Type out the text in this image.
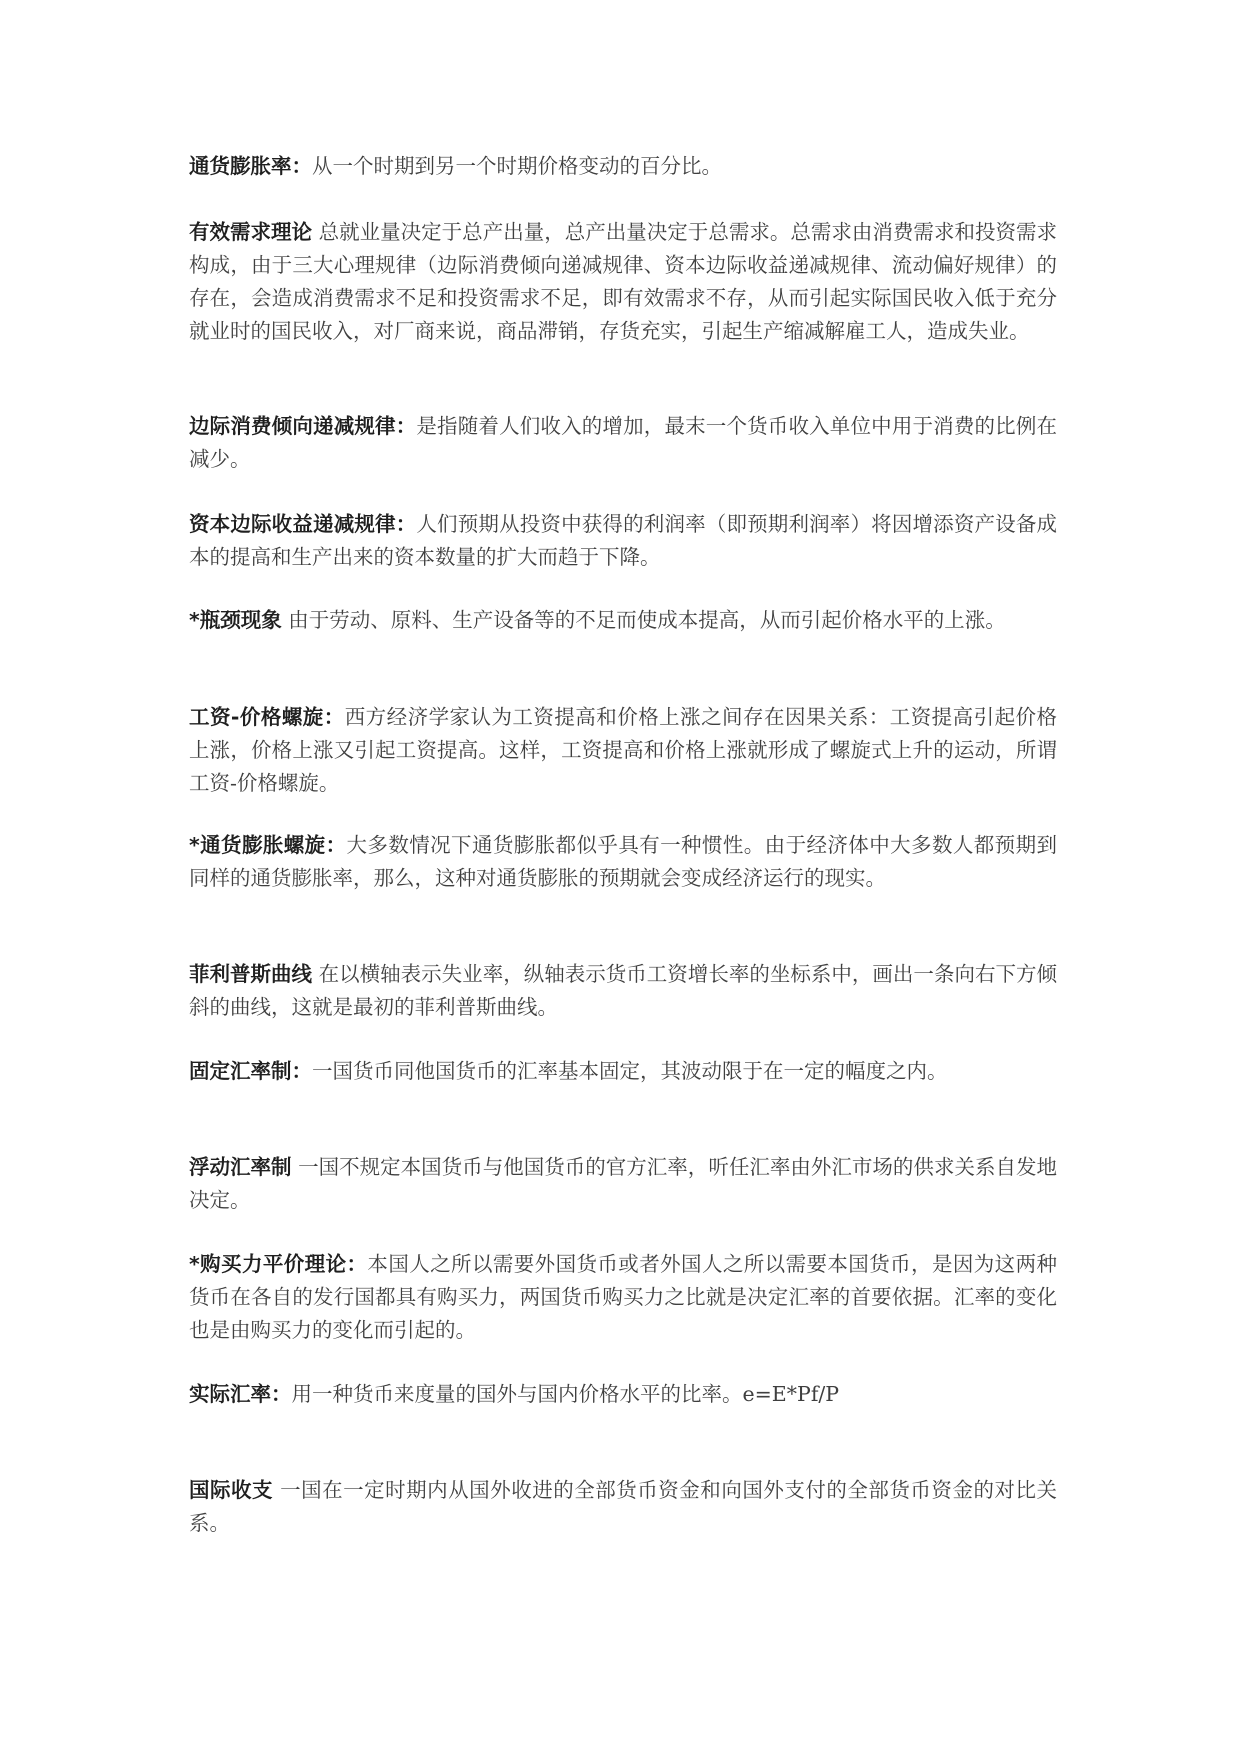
通货膨胀率：从一个时期到另一个时期价格变动的百分比。

有效需求理论 总就业量决定于总产出量，总产出量决定于总需求。总需求由消费需求和投资需求构成，由于三大心理规律（边际消费倾向递减规律、资本边际收益递减规律、流动偏好规律）的存在，会造成消费需求不足和投资需求不足，即有效需求不存，从而引起实际国民收入低于充分就业时的国民收入，对厂商来说，商品滞销，存货充实，引起生产缩减解雇工人，造成失业。

边际消费倾向递减规律：是指随着人们收入的增加，最末一个货币收入单位中用于消费的比例在减少。

资本边际收益递减规律：人们预期从投资中获得的利润率（即预期利润率）将因增添资产设备成本的提高和生产出来的资本数量的扩大而趋于下降。

*瓶颈现象 由于劳动、原料、生产设备等的不足而使成本提高，从而引起价格水平的上涨。

工资-价格螺旋：西方经济学家认为工资提高和价格上涨之间存在因果关系：工资提高引起价格上涨，价格上涨又引起工资提高。这样，工资提高和价格上涨就形成了螺旋式上升的运动，所谓工资-价格螺旋。

*通货膨胀螺旋：大多数情况下通货膨胀都似乎具有一种惯性。由于经济体中大多数人都预期到同样的通货膨胀率，那么，这种对通货膨胀的预期就会变成经济运行的现实。

菲利普斯曲线 在以横轴表示失业率，纵轴表示货币工资增长率的坐标系中，画出一条向右下方倾斜的曲线，这就是最初的菲利普斯曲线。

固定汇率制：一国货币同他国货币的汇率基本固定，其波动限于在一定的幅度之内。

浮动汇率制 一国不规定本国货币与他国货币的官方汇率，听任汇率由外汇市场的供求关系自发地决定。

*购买力平价理论：本国人之所以需要外国货币或者外国人之所以需要本国货币，是因为这两种货币在各自的发行国都具有购买力，两国货币购买力之比就是决定汇率的首要依据。汇率的变化也是由购买力的变化而引起的。

实际汇率：用一种货币来度量的国外与国内价格水平的比率。e=E*Pf/P

国际收支 一国在一定时期内从国外收进的全部货币资金和向国外支付的全部货币资金的对比关系。
